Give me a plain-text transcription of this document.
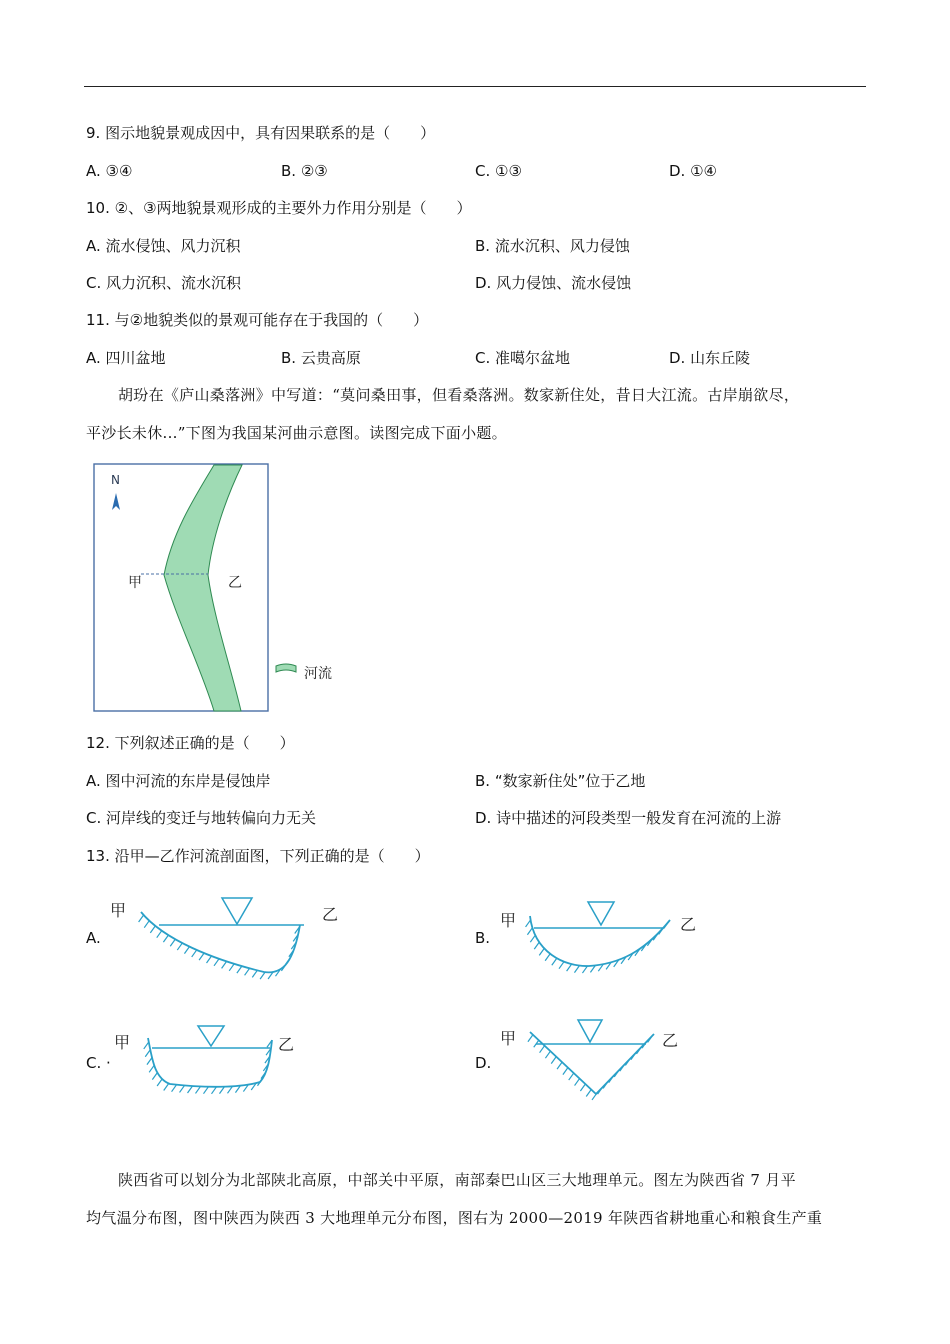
9. 图示地貌景观成因中，具有因果联系的是（　　）
A. ③④	B. ②③	C. ①③	D. ①④
10. ②、③两地貌景观形成的主要外力作用分别是（　　）
A. 流水侵蚀、风力沉积	B. 流水沉积、风力侵蚀
C. 风力沉积、流水沉积	D. 风力侵蚀、流水侵蚀
11. 与②地貌类似的景观可能存在于我国的（　　）
A. 四川盆地	B. 云贵高原	C. 准噶尔盆地	D. 山东丘陵
胡玢在《庐山桑落洲》中写道：“莫问桑田事，但看桑落洲。数家新住处，昔日大江流。古岸崩欲尽，
平沙长未休...”下图为我国某河曲示意图。读图完成下面小题。
N
甲	乙
河流
12. 下列叙述正确的是（　　）
A. 图中河流的东岸是侵蚀岸	B. “数家新住处”位于乙地
C. 河岸线的变迁与地转偏向力无关	D. 诗中描述的河段类型一般发育在河流的上游
13. 沿甲—乙作河流剖面图，下列正确的是（　　）
A.
甲	乙
B.
甲	乙
C. ·
甲	乙
D.
甲	乙
陕西省可以划分为北部陕北高原，中部关中平原，南部秦巴山区三大地理单元。图左为陕西省 7 月平
均气温分布图，图中陕西为陕西 3 大地理单元分布图，图右为 2000—2019 年陕西省耕地重心和粮食生产重
